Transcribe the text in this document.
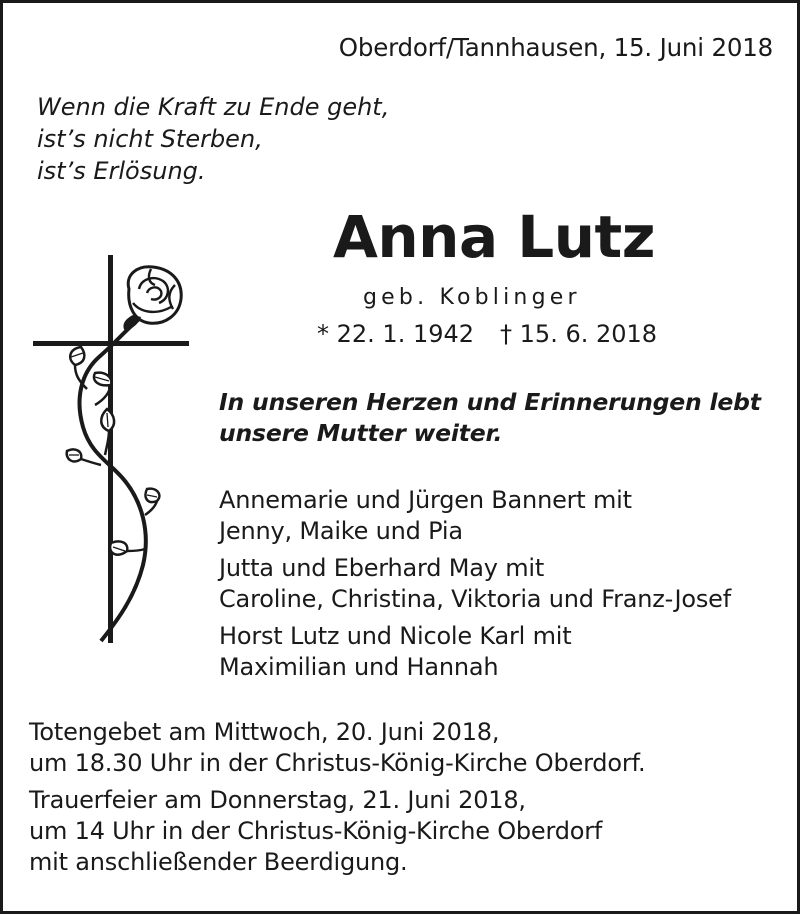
Oberdorf/Tannhausen, 15. Juni 2018

Wenn die Kraft zu Ende geht,
ist’s nicht Sterben,
ist’s Erlösung.

Anna Lutz

geb. Koblinger

* 22. 1. 1942 † 15. 6. 2018

In unseren Herzen und Erinnerungen lebt
unsere Mutter weiter.
Annemarie und Jürgen Bannert mit
Jenny, Maike und Pia
Jutta und Eberhard May mit
Caroline, Christina, Viktoria und Franz-Josef
Horst Lutz und Nicole Karl mit
Maximilian und Hannah
Totengebet am Mittwoch, 20. Juni 2018,
um 18.30 Uhr in der Christus-König-Kirche Oberdorf.
Trauerfeier am Donnerstag, 21. Juni 2018,
um 14 Uhr in der Christus-König-Kirche Oberdorf
mit anschließender Beerdigung.
